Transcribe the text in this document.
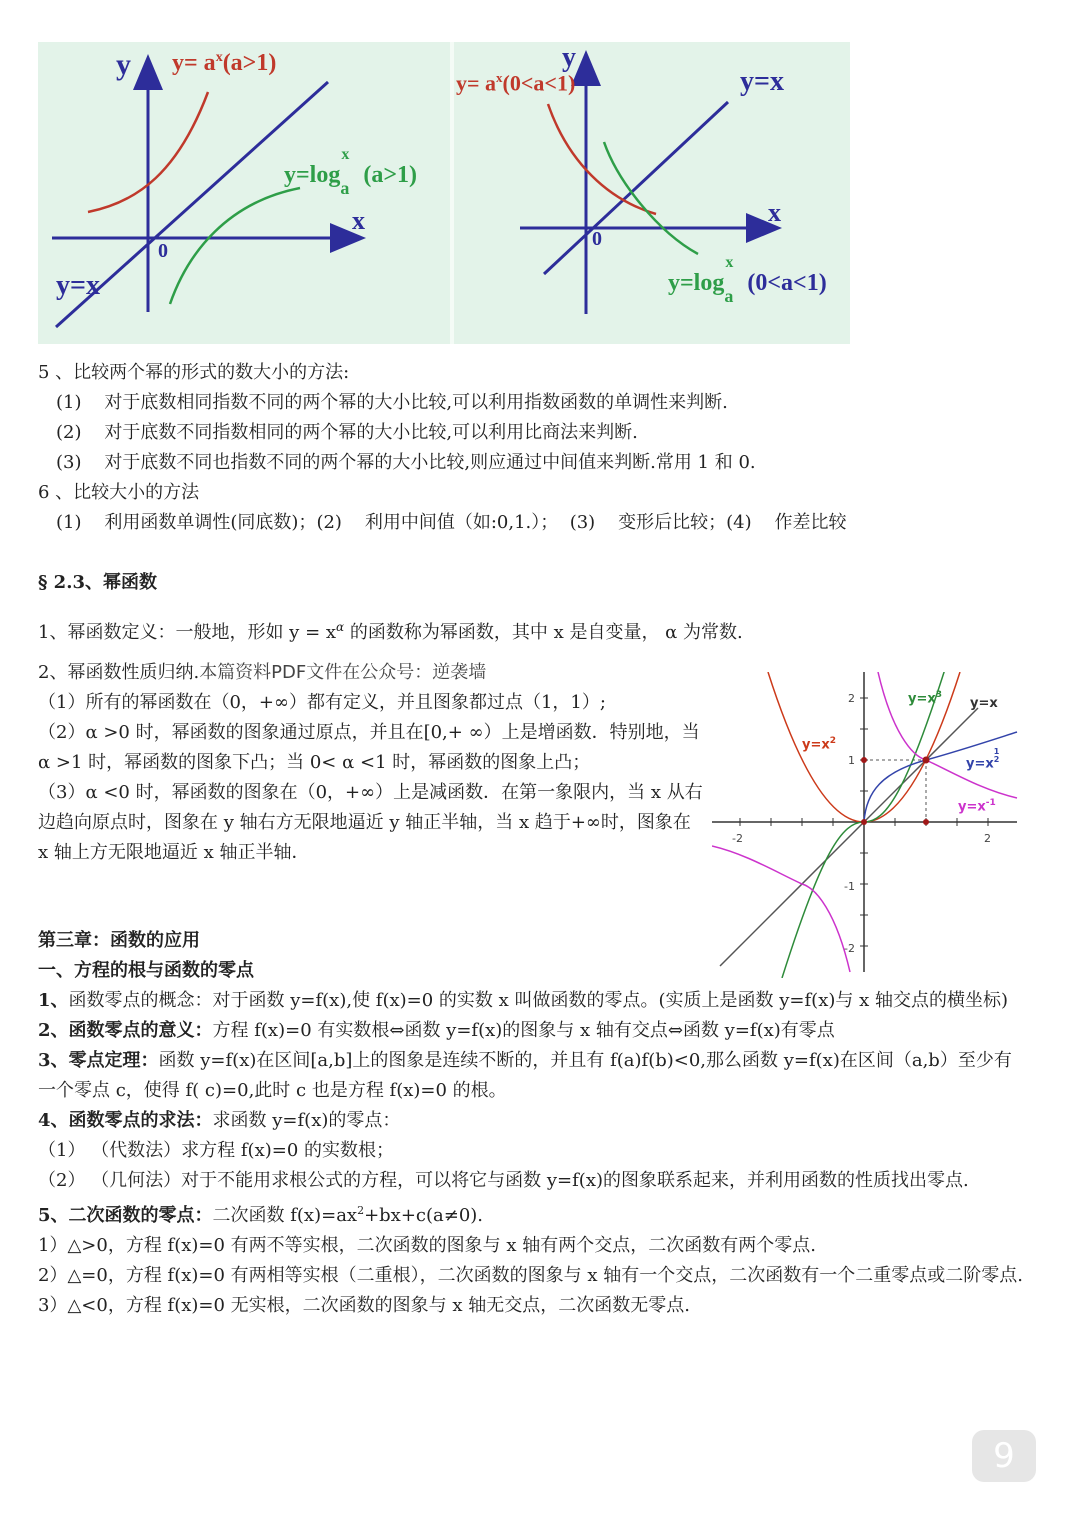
y $y= a^x(a>1)$
$y=\log_a^x$ (a>1)
x
0
y=x
y
$y= a^x(0<a<1)$	y=x
x
0
$y=\log_a^x$ (0<a<1)
5 、比较两个幂的形式的数大小的方法:
(1) 对于底数相同指数不同的两个幂的大小比较,可以利用指数函数的单调性来判断.
(2) 对于底数不同指数相同的两个幂的大小比较,可以利用比商法来判断.
(3) 对于底数不同也指数不同的两个幂的大小比较,则应通过中间值来判断.常用 1 和 0.
6 、比较大小的方法
(1) 利用函数单调性(同底数)；(2) 利用中间值（如:0,1.）； (3) 变形后比较；(4) 作差比较
§ 2.3、幂函数
1、幂函数定义：一般地，形如 $y = x^\alpha$ 的函数称为幂函数，其中 x 是自变量， α 为常数.
2、幂函数性质归纳.本篇资料PDF文件在公众号：逆袭墙
（1）所有的幂函数在（0，+∞）都有定义，并且图象都过点（1，1）;
（2）α >0 时，幂函数的图象通过原点，并且在[0,+ ∞）上是增函数．特别地，当α >1 时，幂函数的图象下凸；当 0< α <1 时，幂函数的图象上凸；
（3）α <0 时，幂函数的图象在（0，+∞）上是减函数．在第一象限内，当 x 从右边趋向原点时，图象在 y 轴右方无限地逼近 y 轴正半轴，当 x 趋于+∞时，图象在 x 轴上方无限地逼近 x 轴正半轴．
-2	2
2
1
-1
-2
$y=x^3$
y=x
$y=x^2$
$y=x^{1 2}$
$y=x^{-1}$
第三章：函数的应用
一、方程的根与函数的零点
1、函数零点的概念：对于函数 y=f(x),使 f(x)=0 的实数 x 叫做函数的零点。(实质上是函数 y=f(x)与 x 轴交点的横坐标)
2、函数零点的意义：方程 f(x)=0 有实数根⇔函数 y=f(x)的图象与 x 轴有交点⇔函数 y=f(x)有零点
3、零点定理：函数 y=f(x)在区间[a,b]上的图象是连续不断的，并且有 f(a)f(b)<0,那么函数 y=f(x)在区间（a,b）至少有一个零点 c，使得 f( c)=0,此时 c 也是方程 f(x)=0 的根。
4、函数零点的求法：求函数 y=f(x)的零点：
（1） （代数法）求方程 f(x)=0 的实数根；
（2） （几何法）对于不能用求根公式的方程，可以将它与函数 y=f(x)的图象联系起来，并利用函数的性质找出零点.
5、二次函数的零点：二次函数 $f(x)=ax^2+bx+c(a\ne 0)$.
1）△>0，方程 f(x)=0 有两不等实根，二次函数的图象与 x 轴有两个交点，二次函数有两个零点.
2）△=0，方程 f(x)=0 有两相等实根（二重根），二次函数的图象与 x 轴有一个交点，二次函数有一个二重零点或二阶零点.
3）△<0，方程 f(x)=0 无实根，二次函数的图象与 x 轴无交点，二次函数无零点.
9
